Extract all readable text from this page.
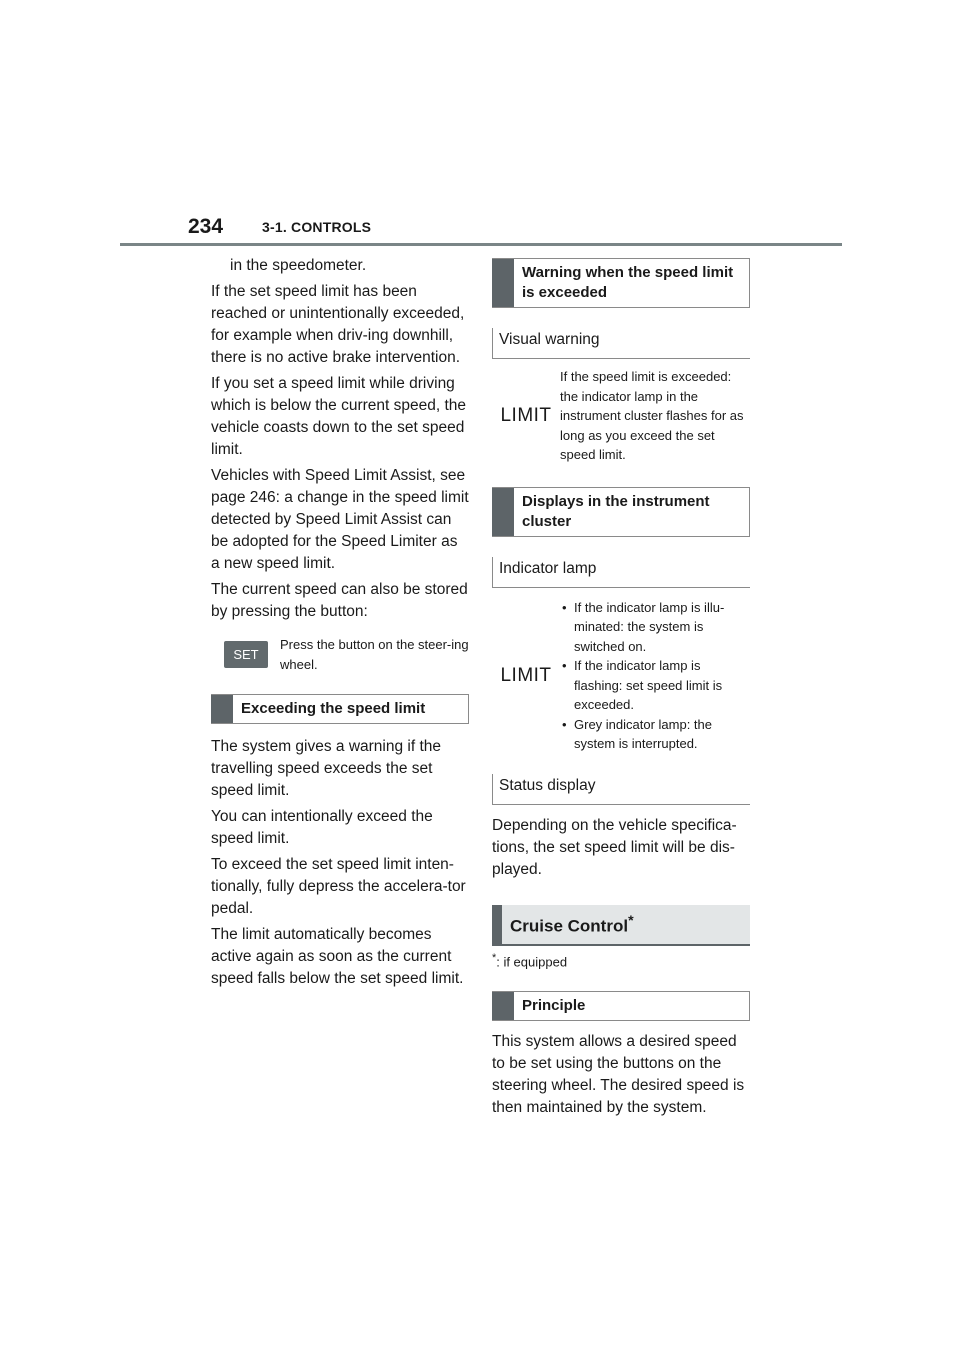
234	3-1. CONTROLS

in the speedometer.

If the set speed limit has been reached or unintentionally exceeded, for example when driv-ing downhill, there is no active brake intervention.

If you set a speed limit while driving which is below the current speed, the vehicle coasts down to the set speed limit.

Vehicles with Speed Limit Assist, see page 246: a change in the speed limit detected by Speed Limit Assist can be adopted for the Speed Limiter as a new speed limit.

The current speed can also be stored by pressing the button:

SET
Press the button on the steer-ing wheel.
Exceeding the speed limit

The system gives a warning if the travelling speed exceeds the set speed limit.

You can intentionally exceed the speed limit.

To exceed the set speed limit inten-tionally, fully depress the accelera-tor pedal.

The limit automatically becomes active again as soon as the current speed falls below the set speed limit.

Warning when the speed limit is exceeded
Visual warning
LIMIT
If the speed limit is exceeded: the indicator lamp in the instrument cluster flashes for as long as you exceed the set speed limit.
Displays in the instrument cluster
Indicator lamp
LIMIT
• If the indicator lamp is illu-minated: the system is switched on.
• If the indicator lamp is flashing: set speed limit is exceeded.
• Grey indicator lamp: the system is interrupted.
Status display

Depending on the vehicle specifica-tions, the set speed limit will be dis-played.

Cruise Control*
*: if equipped
Principle

This system allows a desired speed to be set using the buttons on the steering wheel. The desired speed is then maintained by the system.
